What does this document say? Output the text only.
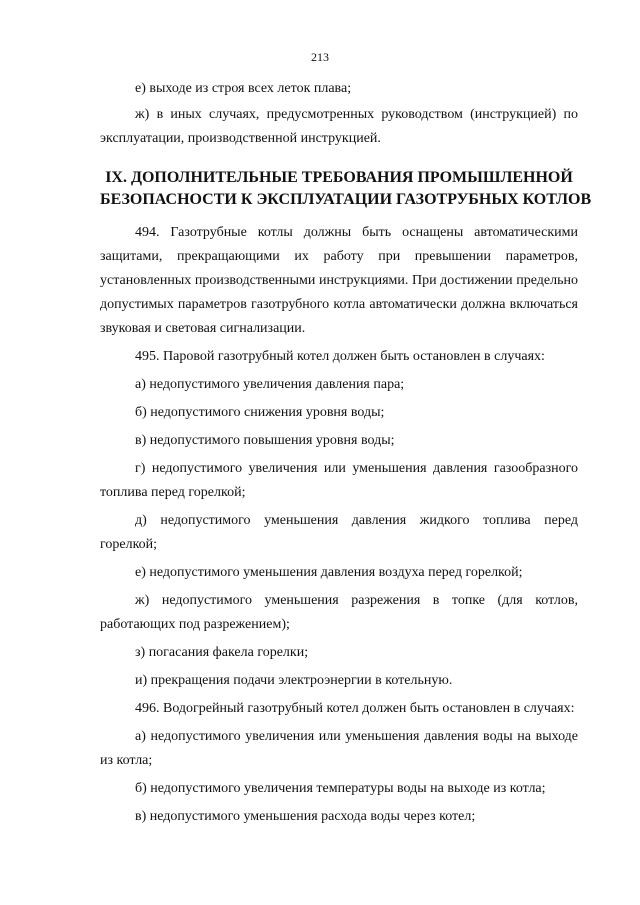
213

е) выходе из строя всех леток плава;

ж) в иных случаях, предусмотренных руководством (инструкцией) по эксплуатации, производственной инструкцией.

IX. ДОПОЛНИТЕЛЬНЫЕ ТРЕБОВАНИЯ ПРОМЫШЛЕННОЙ
БЕЗОПАСНОСТИ К ЭКСПЛУАТАЦИИ ГАЗОТРУБНЫХ КОТЛОВ

494. Газотрубные котлы должны быть оснащены автоматическими защитами, прекращающими их работу при превышении параметров, установленных производственными инструкциями. При достижении предельно допустимых параметров газотрубного котла автоматически должна включаться звуковая и световая сигнализации.

495. Паровой газотрубный котел должен быть остановлен в случаях:

а) недопустимого увеличения давления пара;

б) недопустимого снижения уровня воды;

в) недопустимого повышения уровня воды;

г) недопустимого увеличения или уменьшения давления газообразного топлива перед горелкой;

д) недопустимого уменьшения давления жидкого топлива перед горелкой;

е) недопустимого уменьшения давления воздуха перед горелкой;

ж) недопустимого уменьшения разрежения в топке (для котлов, работающих под разрежением);

з) погасания факела горелки;

и) прекращения подачи электроэнергии в котельную.

496. Водогрейный газотрубный котел должен быть остановлен в случаях:

а) недопустимого увеличения или уменьшения давления воды на выходе из котла;

б) недопустимого увеличения температуры воды на выходе из котла;

в) недопустимого уменьшения расхода воды через котел;
